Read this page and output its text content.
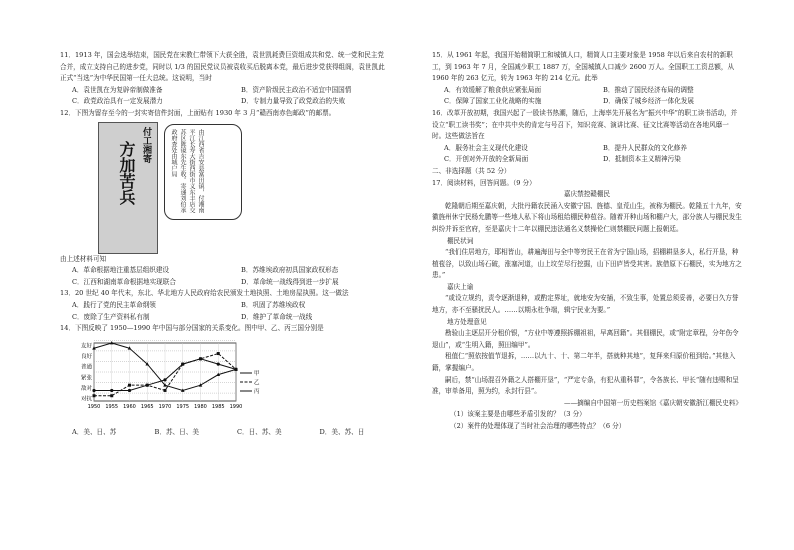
11．1913 年，国会选举结束，国民党在宋教仁带领下大获全胜，袁世凯耗费巨资组成共和党、统一党和民主党合并，成立支持自己的进步党，同时以 1/3 的国民党议员被袁收买后脱离本党，最后进步党获得组阁，袁世凯此正式“当选”为中华民国第一任大总统。这说明，当时

A．袁世凯在为复辟帝制做准备	B．资产阶级民主政治不适宜中国国情
C．政党政治具有一定发展潜力	D．专制力量导致了政党政治的失败

12．下图为留存至今的一封实寄信件封面，上面贴有 1930 年 3 月“赣西南赤色邮政”的邮票。

付工湘寄
方加苦兵	由江西省吉安县富田镇，付湘南平江长寿大街西街市义东丰店交苏区陈镜东先生收。寄递刘伯承政府查处由城户局

由上述材料可知

A．革命根据地注重基层组织建设	B．苏维埃政府初具国家政权形态
C．江西和湖南革命根据地实现联合	D．革命统一战线得到进一步扩展

13．20 世纪 40 年代末，东北、华北地方人民政府给农民颁发土地执照、土地房屋执照。这一做法

A．践行了党的民主革命纲领	B．巩固了苏维埃政权
C．废除了生产资料私有制	D．维护了革命统一战线

14．下图反映了 1950—1990 年中国与部分国家的关系变化。图中甲、乙、丙三国分别是

对抗
敌对
紧张
普通
良好
友好
1950 1955 1960 1965 1970 1975 1980 1985 1990
甲
乙
丙
A．美、日、苏	B．苏、日、美	C．日、苏、美	D．美、苏、日

15．从 1961 年起，我国开始精简职工和城镇人口，精简人口主要对象是 1958 年以后来自农村的新职工，到 1963 年 7 月，全国减少职工 1887 万，全国城镇人口减少 2600 万人。全国职工工资总额，从 1960 年的 263 亿元，转为 1963 年的 214 亿元。此举

A．有效缓解了粮食供应紧张局面	B．推动了国民经济布局的调整
C．保障了国家工业化战略的实施	D．确保了城乡经济一体化发展

16．改革开放初期，我国兴起了一股读书热潮，随后，上海率先开展名为“振兴中华”的职工读书活动，并设立“职工读书奖”；在中共中央的肯定与号召下，知识竞赛、演讲比赛、征文比赛等活动在各地风靡一时。这些做法旨在

A．服务社会主义现代化建设	B．提升人民群众的文化修养
C．开创对外开放的全新局面	D．抵制资本主义精神污染

二、非选择题（共 52 分）

17．阅读材料，回答问题。（9 分）

嘉庆禁控赣棚民

乾隆朝后期至嘉庆朝，大批丹籍农民涌入安徽宁国、旌德、皇荒山生，被称为棚民。乾隆五十九年，安徽旌州休宁民杨允鹏等一些地人私下将山场租给棚民种苞谷。随着开种山场和棚户大，邵分族人与棚民发生纠纷并诉至官府，至是嘉庆十二年以棚民违法通名义禁操伦仁则禁棚民问题上报朝廷。

棚民状词

“我们住居地方，耶相皆山，耕遍海田与全中等穷民王在省为宁国山场，招棚耕垦多人，私行开垦，种植苞谷，以致山场石破，涨塞河道，山上坟茔尽行挖掘，山下田庐皆受其害。族借原下石棚民，实为地方之患。”

嘉庆上谕

“或设立规约，责令逐渐退种，或酌定界址，就地安为安插，不致生事，处置总须妥善，必要日久方誉地方，亦不至骚扰民人。……以期永杜争端，辑宁民业为要。”

地方处理意见

勘验山主逐层开分租价银，“方业中等遵照拆棚祖祖，早离回籍”。其佃棚民，或“附定章程，分年伤令退山”，或“生明入籍，照田编甲”。

租值仁“照依按值节退拆，……以九十、十、第二年半，搭就种其地”，复拜来归原价租到给。”其他入籍，掌握编户。

嗣后，禁“山场混召外籍之人搭棚开垦”，“严定专条，有犯从重科罪”，令各族长、甲长“随有违赐和呈准，审单备用，照为约，永封行县”。

——摘编自中国第一历史档案馆《嘉庆朝安徽浙江棚民史料》

（1）该案主要是由哪些矛盾引发的？（3 分）

（2）案件的处理体现了当时社会治理的哪些特点？（6 分）
